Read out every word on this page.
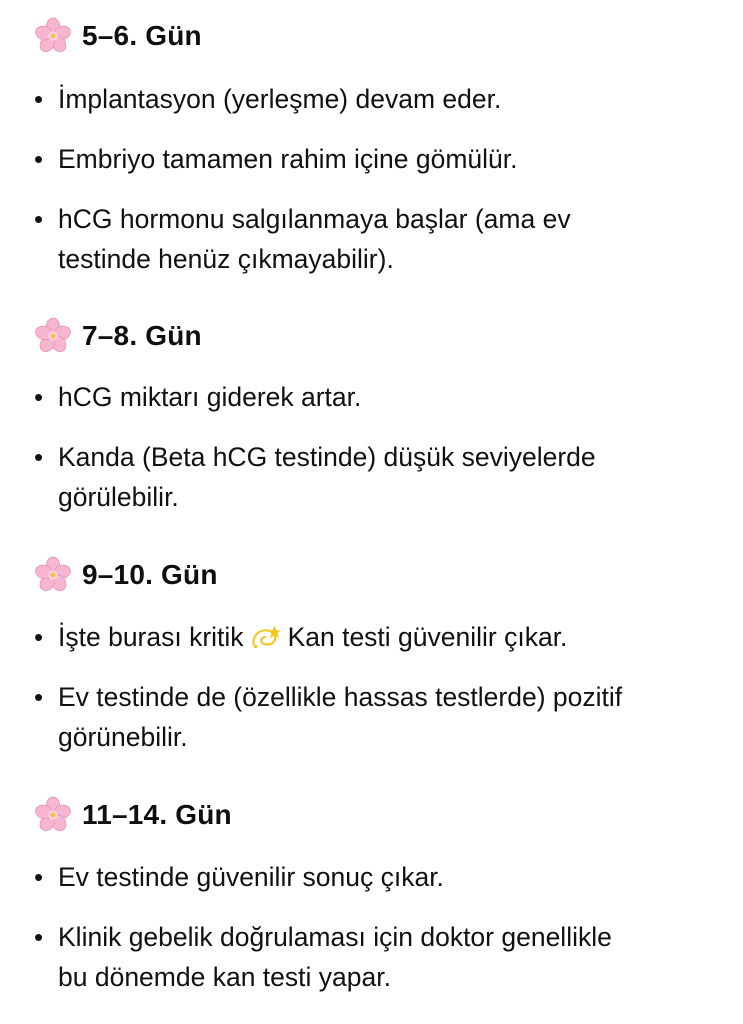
5–6. Gün
• İmplantasyon (yerleşme) devam eder.
• Embriyo tamamen rahim içine gömülür.
• hCG hormonu salgılanmaya başlar (ama ev
testinde henüz çıkmayabilir).
7–8. Gün
• hCG miktarı giderek artar.
• Kanda (Beta hCG testinde) düşük seviyelerde
görülebilir.
9–10. Gün
• İşte burası kritik Kan testi güvenilir çıkar.
• Ev testinde de (özellikle hassas testlerde) pozitif
görünebilir.
11–14. Gün
• Ev testinde güvenilir sonuç çıkar.
• Klinik gebelik doğrulaması için doktor genellikle
bu dönemde kan testi yapar.
